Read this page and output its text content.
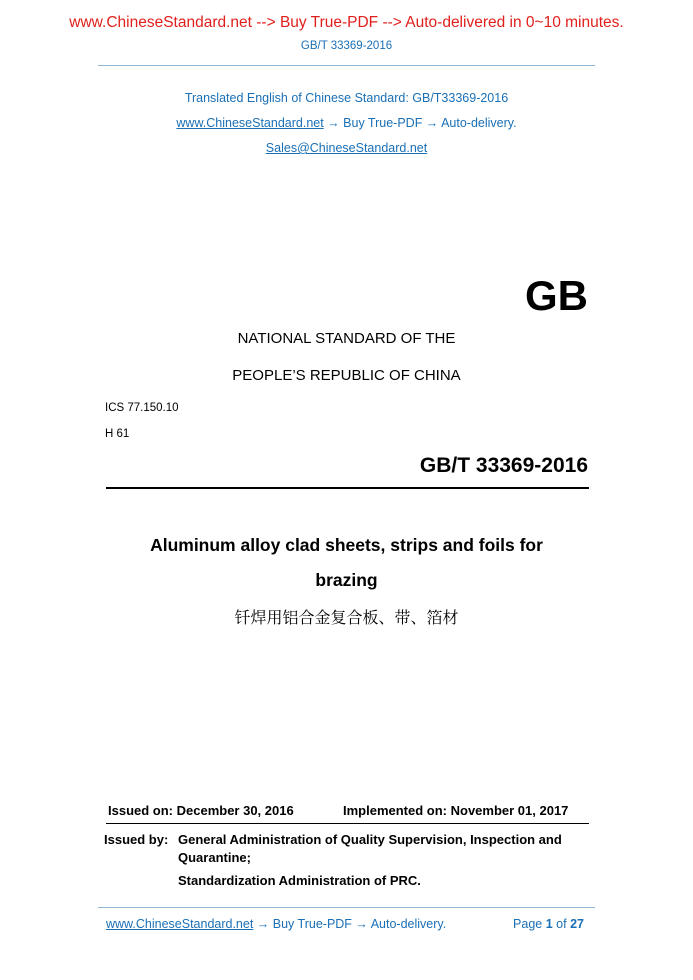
www.ChineseStandard.net --> Buy True-PDF --> Auto-delivered in 0~10 minutes.
GB/T 33369-2016
Translated English of Chinese Standard: GB/T33369-2016
www.ChineseStandard.net → Buy True-PDF → Auto-delivery.
Sales@ChineseStandard.net
GB
NATIONAL STANDARD OF THE
PEOPLE’S REPUBLIC OF CHINA
ICS 77.150.10
H 61
GB/T 33369-2016
Aluminum alloy clad sheets, strips and foils for
brazing
钎焊用铝合金复合板、带、箔材
Issued on: December 30, 2016	Implemented on: November 01, 2017
Issued by: General Administration of Quality Supervision, Inspection and
Quarantine;
Standardization Administration of PRC.
www.ChineseStandard.net → Buy True-PDF → Auto-delivery.	Page 1 of 27
